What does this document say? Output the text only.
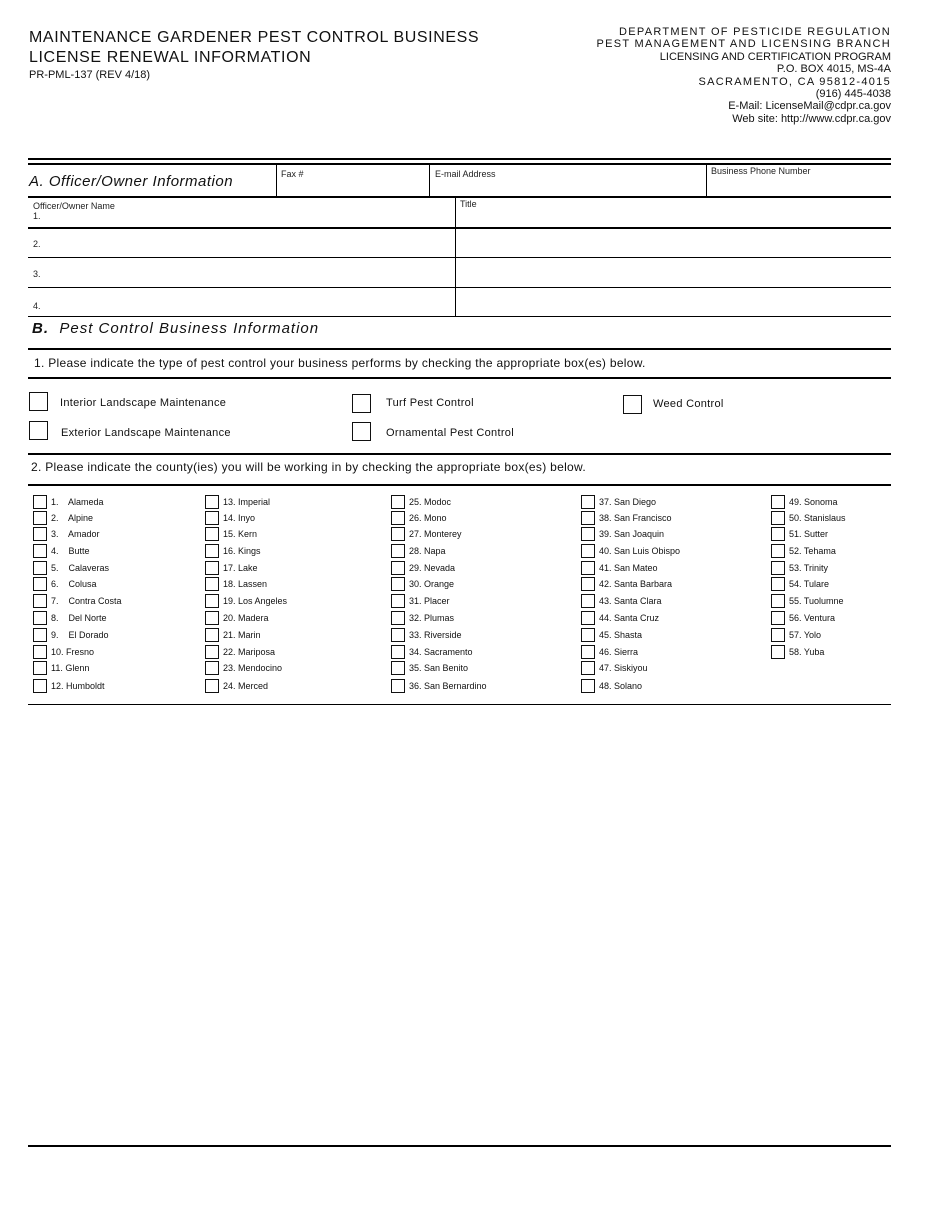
MAINTENANCE GARDENER PEST CONTROL BUSINESS
LICENSE RENEWAL INFORMATION
PR-PML-137 (REV 4/18)
DEPARTMENT OF PESTICIDE REGULATION
PEST MANAGEMENT AND LICENSING BRANCH
LICENSING AND CERTIFICATION PROGRAM
P.O. BOX 4015, MS-4A
SACRAMENTO, CA 95812-4015
(916) 445-4038
E-Mail: LicenseMail@cdpr.ca.gov
Web site: http://www.cdpr.ca.gov
A. Officer/Owner Information	Fax #	E-mail Address	Business Phone Number
Officer/Owner Name	Title
1.
2.
3.
4.
B. Pest Control Business Information
1. Please indicate the type of pest control your business performs by checking the appropriate box(es) below.
Interior Landscape Maintenance	Turf Pest Control	Weed Control
Exterior Landscape Maintenance	Ornamental Pest Control
2. Please indicate the county(ies) you will be working in by checking the appropriate box(es) below.
1.    Alameda
2.    Alpine
3.    Amador
4.    Butte
5.    Calaveras
6.    Colusa
7.    Contra Costa
8.    Del Norte
9.    El Dorado
10. Fresno
11. Glenn
12. Humboldt
13. Imperial
14. Inyo
15. Kern
16. Kings
17. Lake
18. Lassen
19. Los Angeles
20. Madera
21. Marin
22. Mariposa
23. Mendocino
24. Merced
25. Modoc
26. Mono
27. Monterey
28. Napa
29. Nevada
30. Orange
31. Placer
32. Plumas
33. Riverside
34. Sacramento
35. San Benito
36. San Bernardino
37. San Diego
38. San Francisco
39. San Joaquin
40. San Luis Obispo
41. San Mateo
42. Santa Barbara
43. Santa Clara
44. Santa Cruz
45. Shasta
46. Sierra
47. Siskiyou
48. Solano
49. Sonoma
50. Stanislaus
51. Sutter
52. Tehama
53. Trinity
54. Tulare
55. Tuolumne
56. Ventura
57. Yolo
58. Yuba
